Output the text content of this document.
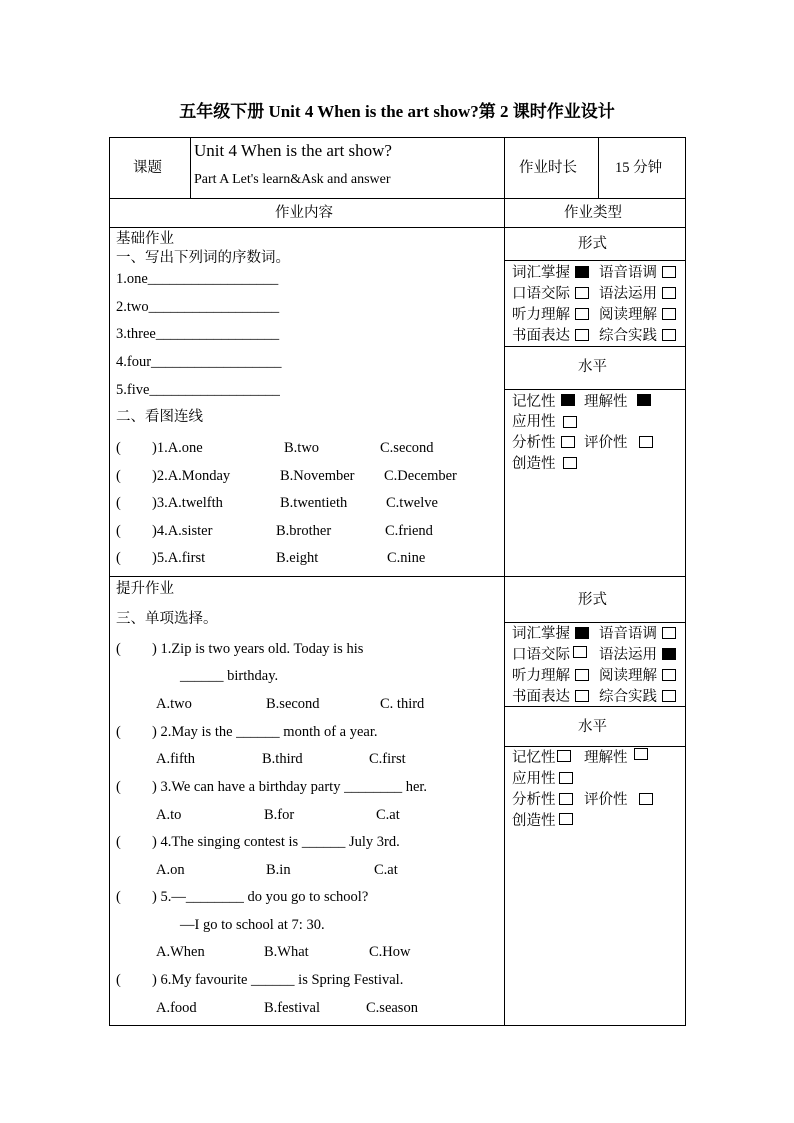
五年级下册 Unit 4 When is the art show?第 2 课时作业设计
课题
Unit 4 When is the art show?
Part A Let's learn&Ask and answer
作业时长	15 分钟
作业内容	作业类型
基础作业
一、写出下列词的序数词。
1.one__________________
2.two__________________
3.three_________________
4.four__________________
5.five__________________
二、看图连线
( )1.A.one	B.two	C.second
( )2.A.Monday	B.November C.December
( )3.A.twelfth	B.twentieth	C.twelve
( )4.A.sister	B.brother	C.friend
( )5.A.first	B.eight	C.nine
形式
词汇掌握 语音语调
口语交际 语法运用
听力理解 阅读理解
书面表达 综合实践
水平
记忆性 理解性
应用性
分析性 评价性
创造性
提升作业
三、单项选择。
( ) 1.Zip is two years old. Today is his
______ birthday.
A.two	B.second	C. third
( ) 2.May is the ______ month of a year.
A.fifth	B.third	C.first
( ) 3.We can have a birthday party ________ her.
A.to	B.for	C.at
( ) 4.The singing contest is ______ July 3rd.
A.on	B.in	C.at
( ) 5.—________ do you go to school?
—I go to school at 7: 30.
A.When	B.What	C.How
( ) 6.My favourite ______ is Spring Festival.
A.food	B.festival	C.season
形式
词汇掌握 语音语调
口语交际 语法运用
听力理解 阅读理解
书面表达 综合实践
水平
记忆性 理解性
应用性
分析性 评价性
创造性
